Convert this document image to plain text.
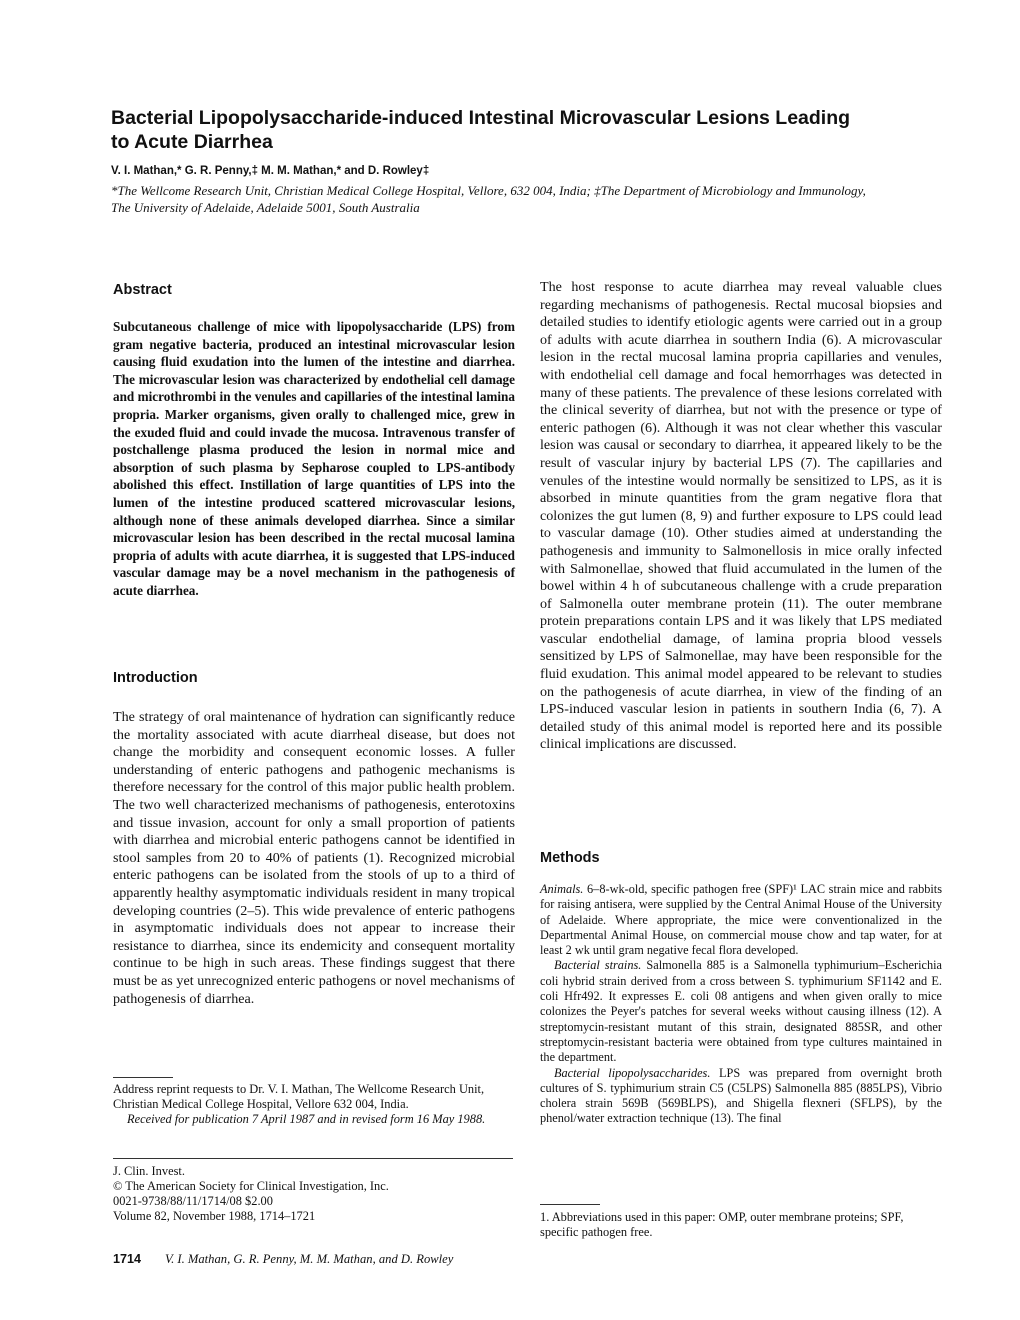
Bacterial Lipopolysaccharide-induced Intestinal Microvascular Lesions Leading to Acute Diarrhea

V. I. Mathan,* G. R. Penny,‡ M. M. Mathan,* and D. Rowley‡

*The Wellcome Research Unit, Christian Medical College Hospital, Vellore, 632 004, India; ‡The Department of Microbiology and Immunology, The University of Adelaide, Adelaide 5001, South Australia

Abstract

Subcutaneous challenge of mice with lipopolysaccharide (LPS) from gram negative bacteria, produced an intestinal microvascular lesion causing fluid exudation into the lumen of the intestine and diarrhea. The microvascular lesion was characterized by endothelial cell damage and microthrombi in the venules and capillaries of the intestinal lamina propria. Marker organisms, given orally to challenged mice, grew in the exuded fluid and could invade the mucosa. Intravenous transfer of postchallenge plasma produced the lesion in normal mice and absorption of such plasma by Sepharose coupled to LPS-antibody abolished this effect. Instillation of large quantities of LPS into the lumen of the intestine produced scattered microvascular lesions, although none of these animals developed diarrhea. Since a similar microvascular lesion has been described in the rectal mucosal lamina propria of adults with acute diarrhea, it is suggested that LPS-induced vascular damage may be a novel mechanism in the pathogenesis of acute diarrhea.

Introduction

The strategy of oral maintenance of hydration can significantly reduce the mortality associated with acute diarrheal disease, but does not change the morbidity and consequent economic losses. A fuller understanding of enteric pathogens and pathogenic mechanisms is therefore necessary for the control of this major public health problem. The two well characterized mechanisms of pathogenesis, enterotoxins and tissue invasion, account for only a small proportion of patients with diarrhea and microbial enteric pathogens cannot be identified in stool samples from 20 to 40% of patients (1). Recognized microbial enteric pathogens can be isolated from the stools of up to a third of apparently healthy asymptomatic individuals resident in many tropical developing countries (2–5). This wide prevalence of enteric pathogens in asymptomatic individuals does not appear to increase their resistance to diarrhea, since its endemicity and consequent mortality continue to be high in such areas. These findings suggest that there must be as yet unrecognized enteric pathogens or novel mechanisms of pathogenesis of diarrhea.

Address reprint requests to Dr. V. I. Mathan, The Wellcome Research Unit, Christian Medical College Hospital, Vellore 632 004, India.

Received for publication 7 April 1987 and in revised form 16 May 1988.

J. Clin. Invest.

© The American Society for Clinical Investigation, Inc.

0021-9738/88/11/1714/08 $2.00

Volume 82, November 1988, 1714–1721

The host response to acute diarrhea may reveal valuable clues regarding mechanisms of pathogenesis. Rectal mucosal biopsies and detailed studies to identify etiologic agents were carried out in a group of adults with acute diarrhea in southern India (6). A microvascular lesion in the rectal mucosal lamina propria capillaries and venules, with endothelial cell damage and focal hemorrhages was detected in many of these patients. The prevalence of these lesions correlated with the clinical severity of diarrhea, but not with the presence or type of enteric pathogen (6). Although it was not clear whether this vascular lesion was causal or secondary to diarrhea, it appeared likely to be the result of vascular injury by bacterial LPS (7). The capillaries and venules of the intestine would normally be sensitized to LPS, as it is absorbed in minute quantities from the gram negative flora that colonizes the gut lumen (8, 9) and further exposure to LPS could lead to vascular damage (10). Other studies aimed at understanding the pathogenesis and immunity to Salmonellosis in mice orally infected with Salmonellae, showed that fluid accumulated in the lumen of the bowel within 4 h of subcutaneous challenge with a crude preparation of Salmonella outer membrane protein (11). The outer membrane protein preparations contain LPS and it was likely that LPS mediated vascular endothelial damage, of lamina propria blood vessels sensitized by LPS of Salmonellae, may have been responsible for the fluid exudation. This animal model appeared to be relevant to studies on the pathogenesis of acute diarrhea, in view of the finding of an LPS-induced vascular lesion in patients in southern India (6, 7). A detailed study of this animal model is reported here and its possible clinical implications are discussed.

Methods

Animals. 6–8-wk-old, specific pathogen free (SPF)¹ LAC strain mice and rabbits for raising antisera, were supplied by the Central Animal House of the University of Adelaide. Where appropriate, the mice were conventionalized in the Departmental Animal House, on commercial mouse chow and tap water, for at least 2 wk until gram negative fecal flora developed.

Bacterial strains. Salmonella 885 is a Salmonella typhimurium–Escherichia coli hybrid strain derived from a cross between S. typhimurium SF1142 and E. coli Hfr492. It expresses E. coli 08 antigens and when given orally to mice colonizes the Peyer's patches for several weeks without causing illness (12). A streptomycin-resistant mutant of this strain, designated 885SR, and other streptomycin-resistant bacteria were obtained from type cultures maintained in the department.

Bacterial lipopolysaccharides. LPS was prepared from overnight broth cultures of S. typhimurium strain C5 (C5LPS) Salmonella 885 (885LPS), Vibrio cholera strain 569B (569BLPS), and Shigella flexneri (SFLPS), by the phenol/water extraction technique (13). The final

1. Abbreviations used in this paper: OMP, outer membrane proteins; SPF, specific pathogen free.

1714 V. I. Mathan, G. R. Penny, M. M. Mathan, and D. Rowley
